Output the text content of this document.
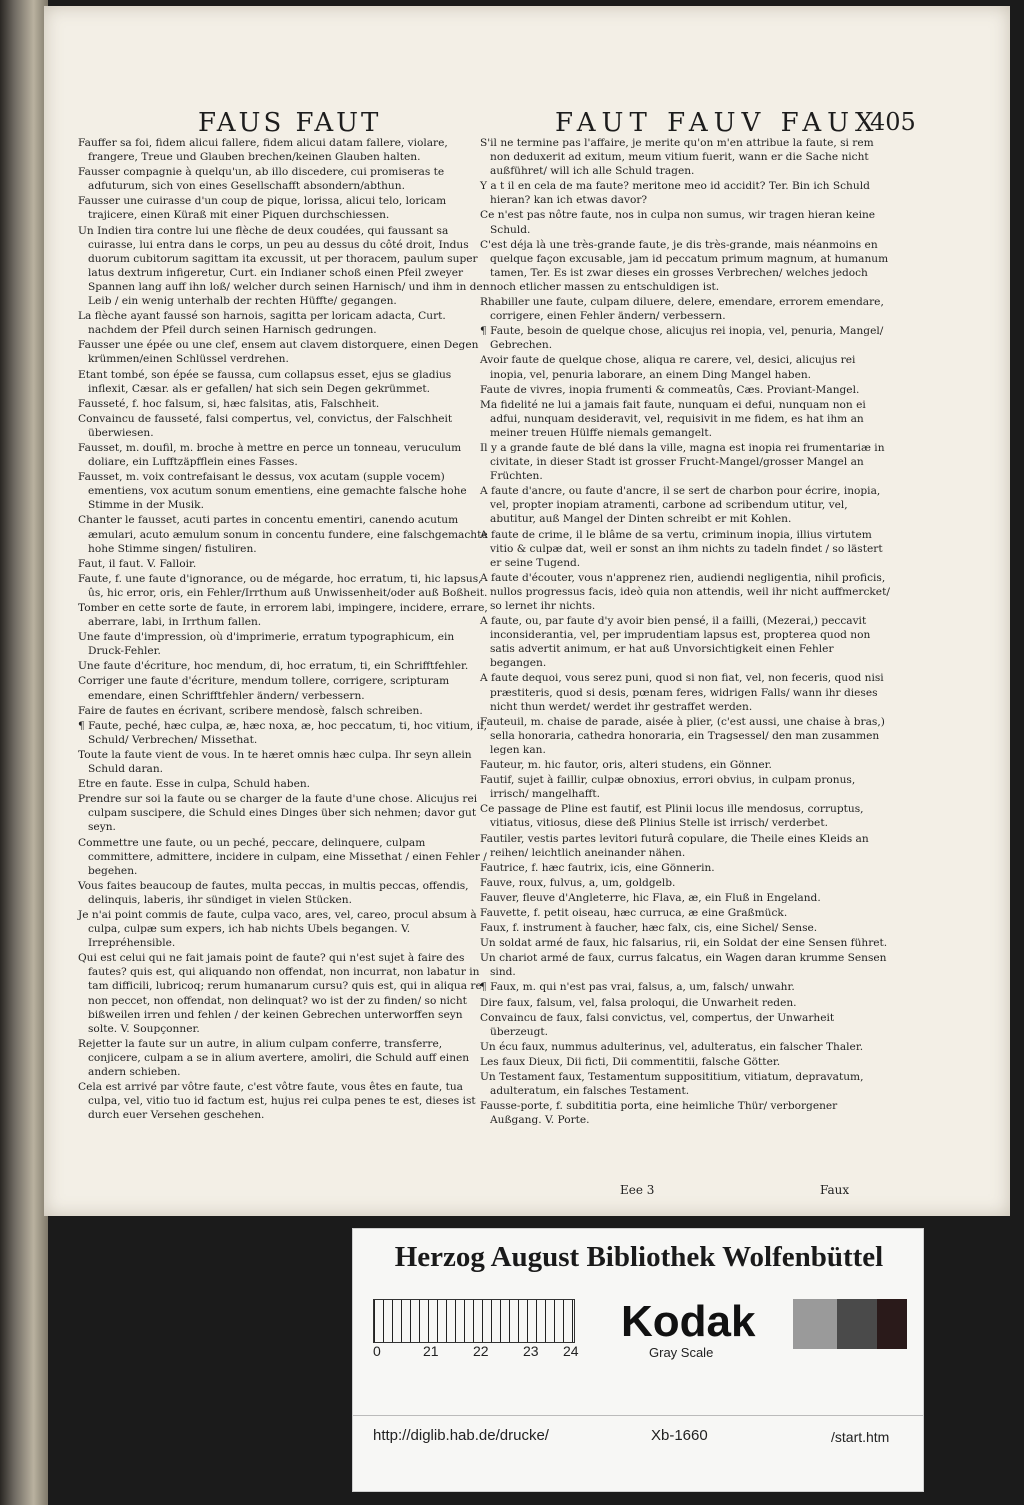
FAUS FAUT	FAUT FAUV FAUX
405
Fauffer sa foi, fidem alicui fallere, fidem alicui datam fallere, violare, frangere, Treue und Glauben brechen/keinen Glauben halten.
Fausser compagnie à quelqu'un, ab illo discedere, cui promiseras te adfuturum, sich von eines Gesellschafft absondern/abthun.
Fausser une cuirasse d'un coup de pique, lorissa, alicui telo, loricam trajicere, einen Küraß mit einer Piquen durchschiessen.
Un Indien tira contre lui une flèche de deux coudées, qui faussant sa cuirasse, lui entra dans le corps, un peu au dessus du côté droit, Indus duorum cubitorum sagittam ita excussit, ut per thoracem, paulum super latus dextrum infigeretur, Curt. ein Indianer schoß einen Pfeil zweyer Spannen lang auff ihn loß/ welcher durch seinen Harnisch/ und ihm in den Leib / ein wenig unterhalb der rechten Hüffte/ gegangen.
La flèche ayant faussé son harnois, sagitta per loricam adacta, Curt. nachdem der Pfeil durch seinen Harnisch gedrungen.
Fausser une épée ou une clef, ensem aut clavem distorquere, einen Degen krümmen/einen Schlüssel verdrehen.
Etant tombé, son épée se faussa, cum collapsus esset, ejus se gladius inflexit, Cæsar. als er gefallen/ hat sich sein Degen gekrümmet.
Fausseté, f. hoc falsum, si, hæc falsitas, atis, Falschheit.
Convaincu de fausseté, falsi compertus, vel, convictus, der Falschheit überwiesen.
Fausset, m. doufil, m. broche à mettre en perce un tonneau, veruculum doliare, ein Lufftzäpfflein eines Fasses.
Fausset, m. voix contrefaisant le dessus, vox acutam (supple vocem) ementiens, vox acutum sonum ementiens, eine gemachte falsche hohe Stimme in der Musik.
Chanter le fausset, acuti partes in concentu ementiri, canendo acutum æmulari, acuto æmulum sonum in concentu fundere, eine falschgemachte hohe Stimme singen/ fistuliren.
Faut, il faut. V. Falloir.
Faute, f. une faute d'ignorance, ou de mégarde, hoc erratum, ti, hic lapsus, ûs, hic error, oris, ein Fehler/Irrthum auß Unwissenheit/oder auß Boßheit.
Tomber en cette sorte de faute, in errorem labi, impingere, incidere, errare, aberrare, labi, in Irrthum fallen.
Une faute d'impression, où d'imprimerie, erratum typographicum, ein Druck-Fehler.
Une faute d'écriture, hoc mendum, di, hoc erratum, ti, ein Schrifftfehler.
Corriger une faute d'écriture, mendum tollere, corrigere, scripturam emendare, einen Schrifftfehler ändern/ verbessern.
Faire de fautes en écrivant, scribere mendosè, falsch schreiben.
¶ Faute, peché, hæc culpa, æ, hæc noxa, æ, hoc peccatum, ti, hoc vitium, ii, Schuld/ Verbrechen/ Missethat.
Toute la faute vient de vous. In te hæret omnis hæc culpa. Ihr seyn allein Schuld daran.
Etre en faute. Esse in culpa, Schuld haben.
Prendre sur soi la faute ou se charger de la faute d'une chose. Alicujus rei culpam suscipere, die Schuld eines Dinges über sich nehmen; davor gut seyn.
Commettre une faute, ou un peché, peccare, delinquere, culpam committere, admittere, incidere in culpam, eine Missethat / einen Fehler / begehen.
Vous faites beaucoup de fautes, multa peccas, in multis peccas, offendis, delinquis, laberis, ihr sündiget in vielen Stücken.
Je n'ai point commis de faute, culpa vaco, ares, vel, careo, procul absum à culpa, culpæ sum expers, ich hab nichts Ubels begangen. V. Irrepréhensible.
Qui est celui qui ne fait jamais point de faute? qui n'est sujet à faire des fautes? quis est, qui aliquando non offendat, non incurrat, non labatur in tam difficili, lubricoq; rerum humanarum cursu? quis est, qui in aliqua re non peccet, non offendat, non delinquat? wo ist der zu finden/ so nicht bißweilen irren und fehlen / der keinen Gebrechen unterworffen seyn solte. V. Soupçonner.
Rejetter la faute sur un autre, in alium culpam conferre, transferre, conjicere, culpam a se in alium avertere, amoliri, die Schuld auff einen andern schieben.
Cela est arrivé par vôtre faute, c'est vôtre faute, vous êtes en faute, tua culpa, vel, vitio tuo id factum est, hujus rei culpa penes te est, dieses ist durch euer Versehen geschehen.
S'il ne termine pas l'affaire, je merite qu'on m'en attribue la faute, si rem non deduxerit ad exitum, meum vitium fuerit, wann er die Sache nicht außführet/ will ich alle Schuld tragen.
Y a t il en cela de ma faute? meritone meo id accidit? Ter. Bin ich Schuld hieran? kan ich etwas davor?
Ce n'est pas nôtre faute, nos in culpa non sumus, wir tragen hieran keine Schuld.
C'est déja là une très-grande faute, je dis très-grande, mais néanmoins en quelque façon excusable, jam id peccatum primum magnum, at humanum tamen, Ter. Es ist zwar dieses ein grosses Verbrechen/ welches jedoch noch etlicher massen zu entschuldigen ist.
Rhabiller une faute, culpam diluere, delere, emendare, errorem emendare, corrigere, einen Fehler ändern/ verbessern.
¶ Faute, besoin de quelque chose, alicujus rei inopia, vel, penuria, Mangel/ Gebrechen.
Avoir faute de quelque chose, aliqua re carere, vel, desici, alicujus rei inopia, vel, penuria laborare, an einem Ding Mangel haben.
Faute de vivres, inopia frumenti & commeatûs, Cæs. Proviant-Mangel.
Ma fidelité ne lui a jamais fait faute, nunquam ei defui, nunquam non ei adfui, nunquam desideravit, vel, requisivit in me fidem, es hat ihm an meiner treuen Hülffe niemals gemangelt.
Il y a grande faute de blé dans la ville, magna est inopia rei frumentariæ in civitate, in dieser Stadt ist grosser Frucht-Mangel/grosser Mangel an Früchten.
A faute d'ancre, ou faute d'ancre, il se sert de charbon pour écrire, inopia, vel, propter inopiam atramenti, carbone ad scribendum utitur, vel, abutitur, auß Mangel der Dinten schreibt er mit Kohlen.
A faute de crime, il le blâme de sa vertu, criminum inopia, illius virtutem vitio & culpæ dat, weil er sonst an ihm nichts zu tadeln findet / so lästert er seine Tugend.
A faute d'écouter, vous n'apprenez rien, audiendi negligentia, nihil proficis, nullos progressus facis, ideò quia non attendis, weil ihr nicht auffmercket/ so lernet ihr nichts.
A faute, ou, par faute d'y avoir bien pensé, il a failli, (Mezerai,) peccavit inconsiderantia, vel, per imprudentiam lapsus est, propterea quod non satis advertit animum, er hat auß Unvorsichtigkeit einen Fehler begangen.
A faute dequoi, vous serez puni, quod si non fiat, vel, non feceris, quod nisi præstiteris, quod si desis, pœnam feres, widrigen Falls/ wann ihr dieses nicht thun werdet/ werdet ihr gestraffet werden.
Fauteuil, m. chaise de parade, aisée à plier, (c'est aussi, une chaise à bras,) sella honoraria, cathedra honoraria, ein Tragsessel/ den man zusammen legen kan.
Fauteur, m. hic fautor, oris, alteri studens, ein Gönner.
Fautif, sujet à faillir, culpæ obnoxius, errori obvius, in culpam pronus, irrisch/ mangelhafft.
Ce passage de Pline est fautif, est Plinii locus ille mendosus, corruptus, vitiatus, vitiosus, diese deß Plinius Stelle ist irrisch/ verderbet.
Fautiler, vestis partes levitori futurâ copulare, die Theile eines Kleids an reihen/ leichtlich aneinander nähen.
Fautrice, f. hæc fautrix, icis, eine Gönnerin.
Fauve, roux, fulvus, a, um, goldgelb.
Fauver, fleuve d'Angleterre, hic Flava, æ, ein Fluß in Engeland.
Fauvette, f. petit oiseau, hæc curruca, æ eine Graßmück.
Faux, f. instrument à faucher, hæc falx, cis, eine Sichel/ Sense.
Un soldat armé de faux, hic falsarius, rii, ein Soldat der eine Sensen führet.
Un chariot armé de faux, currus falcatus, ein Wagen daran krumme Sensen sind.
¶ Faux, m. qui n'est pas vrai, falsus, a, um, falsch/ unwahr.
Dire faux, falsum, vel, falsa proloqui, die Unwarheit reden.
Convaincu de faux, falsi convictus, vel, compertus, der Unwarheit überzeugt.
Un écu faux, nummus adulterinus, vel, adulteratus, ein falscher Thaler.
Les faux Dieux, Dii ficti, Dii commentitii, falsche Götter.
Un Testament faux, Testamentum supposititium, vitiatum, depravatum, adulteratum, ein falsches Testament.
Fausse-porte, f. subdititia porta, eine heimliche Thür/ verborgener Außgang. V. Porte.
Eee 3	Faux
Herzog August Bibliothek Wolfenbüttel
0	21 22 23 24
Kodak
Gray Scale
http://diglib.hab.de/drucke/	Xb-1660	/start.htm
